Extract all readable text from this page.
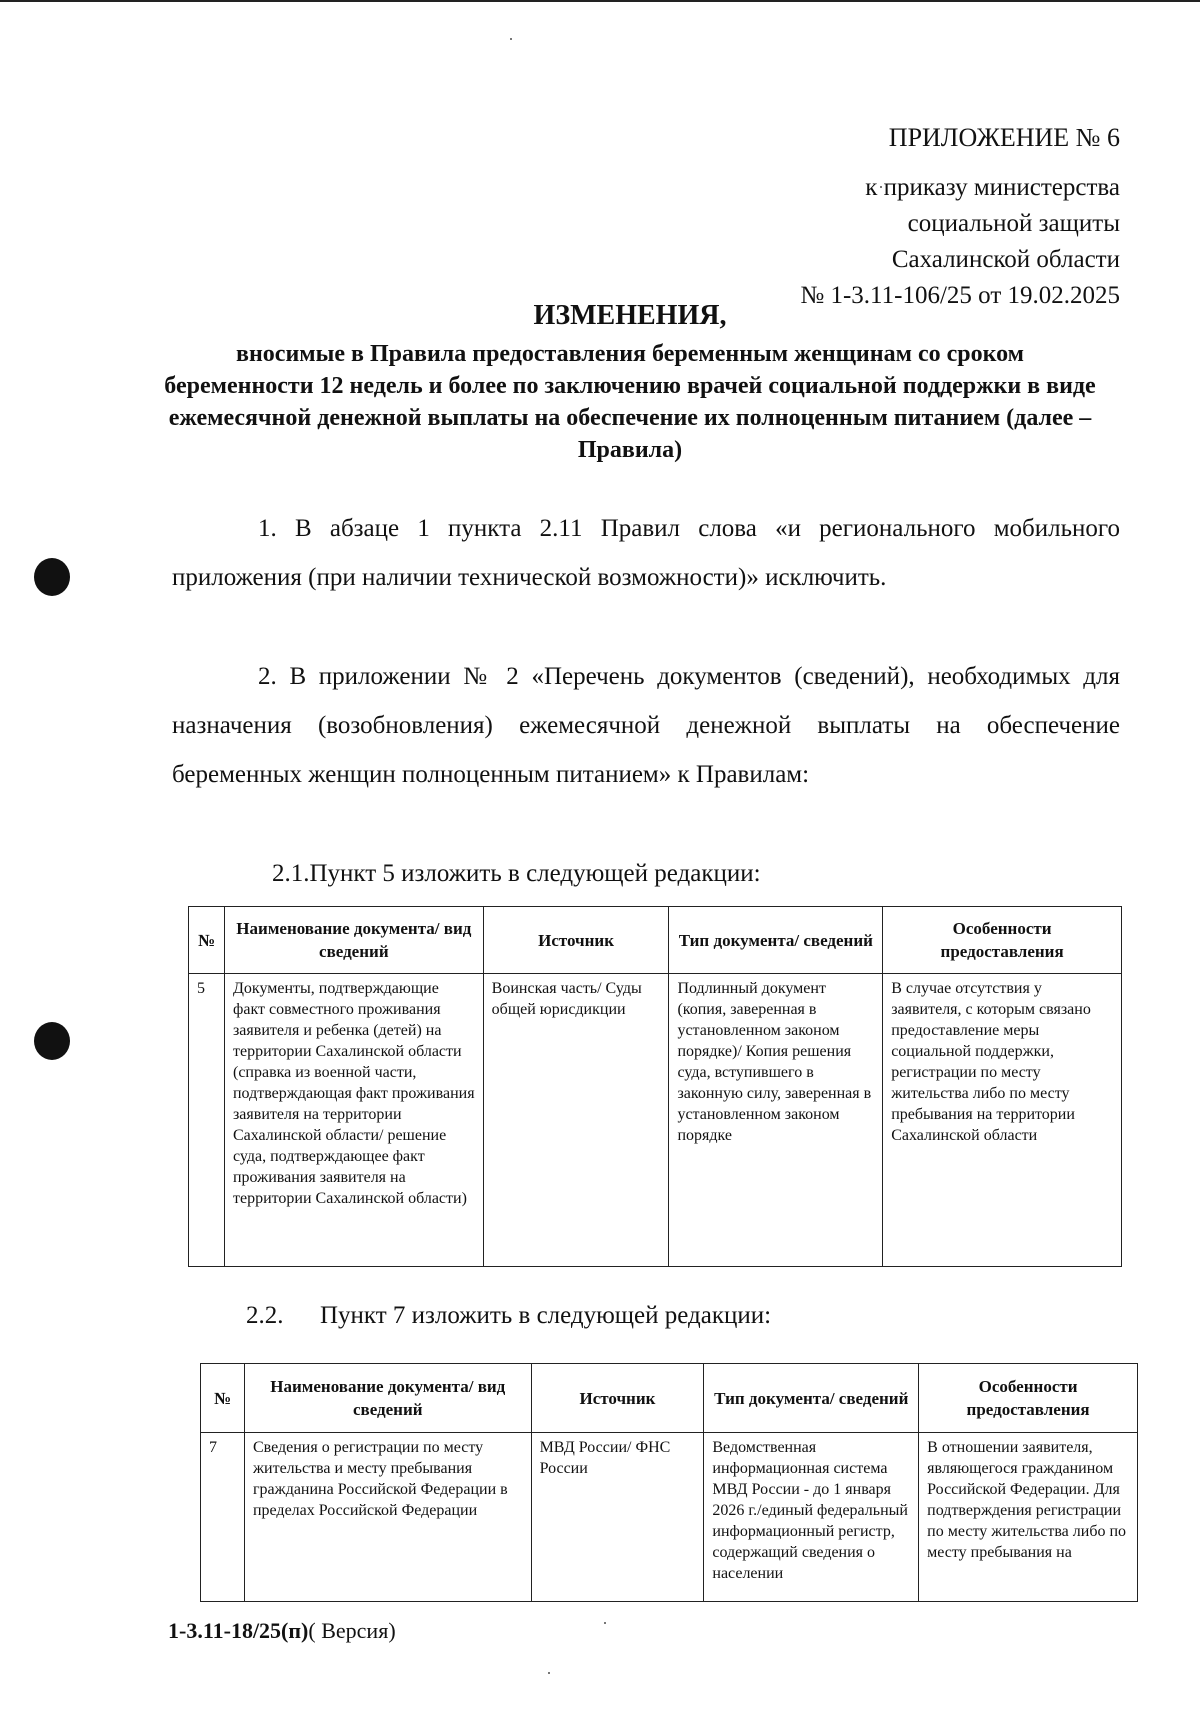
ПРИЛОЖЕНИЕ № 6
к приказу министерства
социальной защиты
Сахалинской области
№ 1-3.11-106/25 от 19.02.2025
ИЗМЕНЕНИЯ,
вносимые в Правила предоставления беременным женщинам со сроком беременности 12 недель и более по заключению врачей социальной поддержки в виде ежемесячной денежной выплаты на обеспечение их полноценным питанием (далее – Правила)
1. В абзаце 1 пункта 2.11 Правил слова «и регионального мобильного приложения (при наличии технической возможности)» исключить.
2. В приложении № 2 «Перечень документов (сведений), необходимых для назначения (возобновления) ежемесячной денежной выплаты на обеспечение беременных женщин полноценным питанием» к Правилам:
2.1.Пункт 5 изложить в следующей редакции:
№	Наименование документа/ вид сведений	Источник	Тип документа/ сведений	Особенности предоставления
5	Документы, подтверждающие факт совместного проживания заявителя и ребенка (детей) на территории Сахалинской области (справка из военной части, подтверждающая факт проживания заявителя на территории Сахалинской области/ решение суда, подтверждающее факт проживания заявителя на территории Сахалинской области)	Воинская часть/ Суды общей юрисдикции	Подлинный документ (копия, заверенная в установленном законом порядке)/ Копия решения суда, вступившего в законную силу, заверенная в установленном законом порядке	В случае отсутствия у заявителя, с которым связано предоставление меры социальной поддержки, регистрации по месту жительства либо по месту пребывания на территории Сахалинской области
2.2. Пункт 7 изложить в следующей редакции:
№	Наименование документа/ вид сведений	Источник	Тип документа/ сведений	Особенности предоставления
7	Сведения о регистрации по месту жительства и месту пребывания гражданина Российской Федерации в пределах Российской Федерации	МВД России/ ФНС России	Ведомственная информационная система МВД России - до 1 января 2026 г./единый федеральный информационный регистр, содержащий сведения о населении	В отношении заявителя, являющегося гражданином Российской Федерации. Для подтверждения регистрации по месту жительства либо по месту пребывания на
1-3.11-18/25(п)( Версия)
